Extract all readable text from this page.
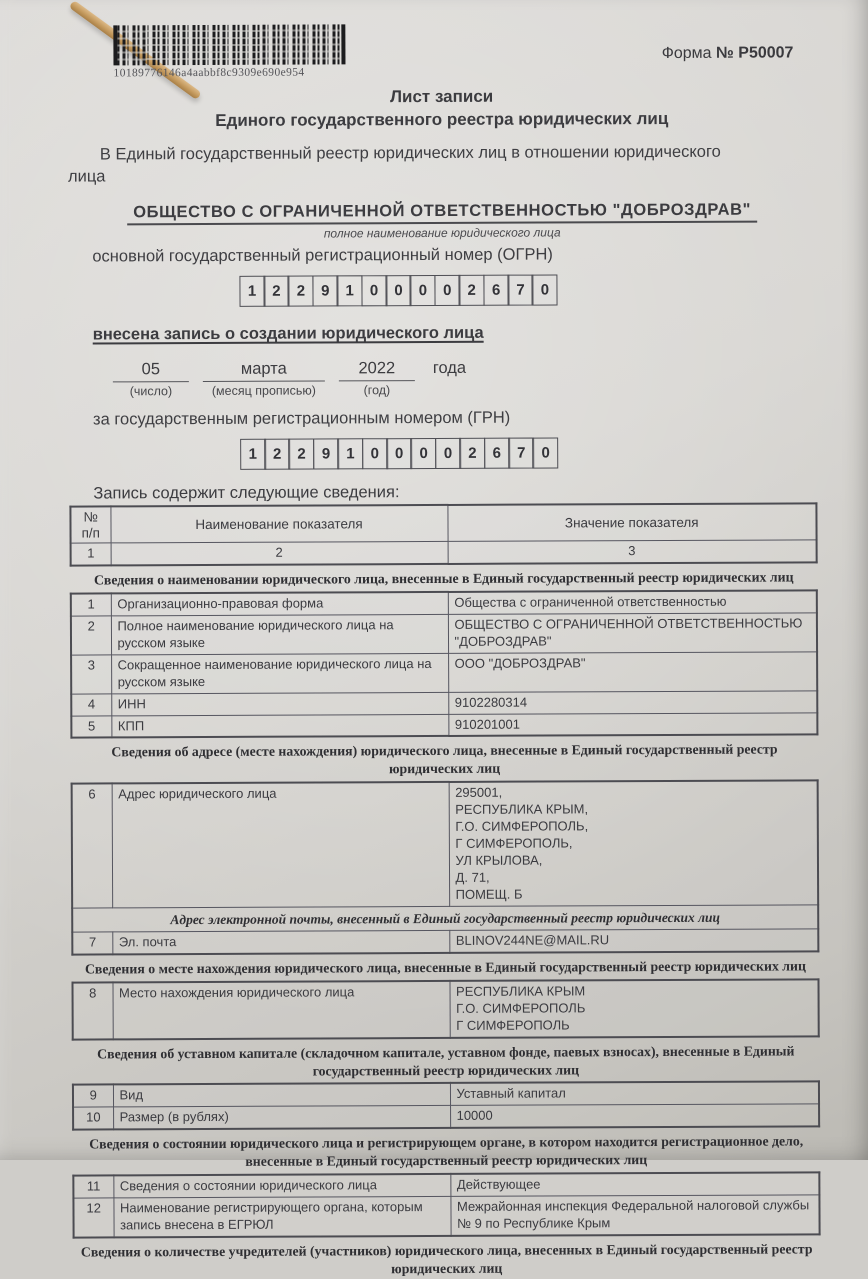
Форма № Р50007
10189776146a4aabbf8c9309e690e954
Лист записи
Единого государственного реестра юридических лиц
В Единый государственный реестр юридических лиц в отношении юридического лица
ОБЩЕСТВО С ОГРАНИЧЕННОЙ ОТВЕТСТВЕННОСТЬЮ "ДОБРОЗДРАВ"
полное наименование юридического лица
основной государственный регистрационный номер (ОГРН)
1	2	2	9	1	0	0	0	0	2	6	7	0
внесена запись о создании юридического лица
05
(число)
марта
(месяц прописью)
2022
(год)
года
за государственным регистрационным номером (ГРН)
1	2	2	9	1	0	0	0	0	2	6	7	0
Запись содержит следующие сведения:
№
п/п	Наименование показателя	Значение показателя
1	2	3
Сведения о наименовании юридического лица, внесенные в Единый государственный реестр юридических лиц
1	Организационно-правовая форма	Общества с ограниченной ответственностью
2	Полное наименование юридического лица на русском языке	ОБЩЕСТВО С ОГРАНИЧЕННОЙ ОТВЕТСТВЕННОСТЬЮ "ДОБРОЗДРАВ"
3	Сокращенное наименование юридического лица на русском языке	ООО "ДОБРОЗДРАВ"
4	ИНН	9102280314
5	КПП	910201001
Сведения об адресе (месте нахождения) юридического лица, внесенные в Единый государственный реестр юридических лиц
6	Адрес юридического лица	295001,
РЕСПУБЛИКА КРЫМ,
Г.О. СИМФЕРОПОЛЬ,
Г СИМФЕРОПОЛЬ,
УЛ КРЫЛОВА,
Д. 71,
ПОМЕЩ. Б

Адрес электронной почты, внесенный в Единый государственный реестр юридических лиц		
7	Эл. почта	BLINOV244NE@MAIL.RU
Сведения о месте нахождения юридического лица, внесенные в Единый государственный реестр юридических лиц
8	Место нахождения юридического лица	РЕСПУБЛИКА КРЫМ
Г.О. СИМФЕРОПОЛЬ
Г СИМФЕРОПОЛЬ
Сведения об уставном капитале (складочном капитале, уставном фонде, паевых взносах), внесенные в Единый государственный реестр юридических лиц
9	Вид	Уставный капитал
10	Размер (в рублях)	10000
Сведения о состоянии юридического лица и регистрирующем органе, в котором находится регистрационное дело, внесенные в Единый государственный реестр юридических лиц
11	Сведения о состоянии юридического лица	Действующее
12	Наименование регистрирующего органа, которым запись внесена в ЕГРЮЛ	Межрайонная инспекция Федеральной налоговой службы № 9 по Республике Крым
Сведения о количестве учредителей (участников) юридического лица, внесенных в Единый государственный реестр юридических лиц
